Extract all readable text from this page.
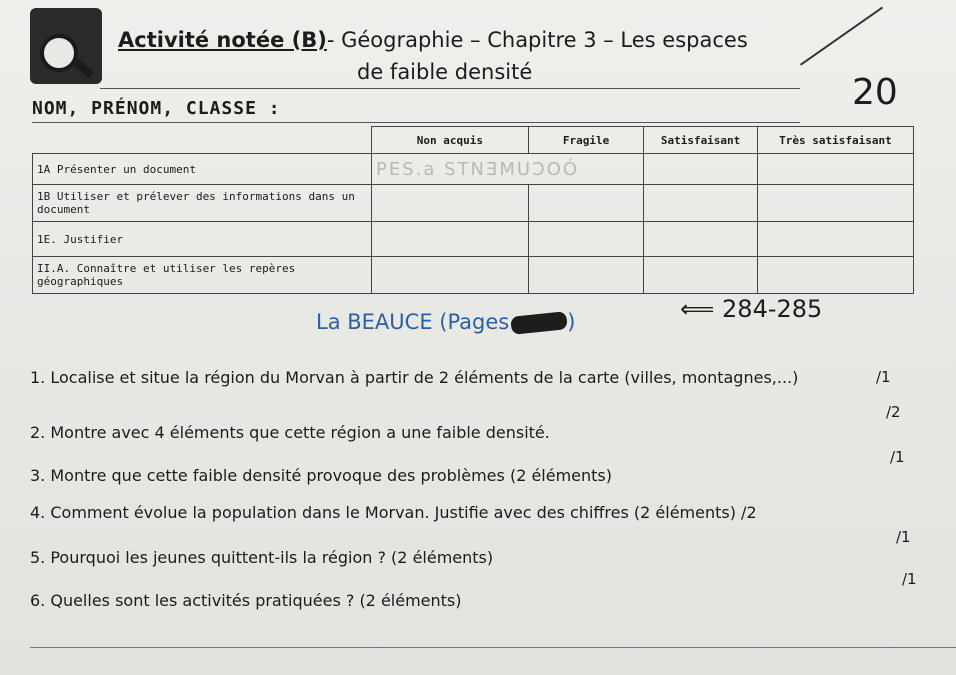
Activité notée (B)- Géographie – Chapitre 3 – Les espaces
de faible densité	20
NOM, PRÉNOM, CLASSE :
	Non acquis	Fragile	Satisfaisant	Très satisfaisant
1A Présenter un document	PES.a STNƎMUƆOÓ			
1B Utiliser et prélever des informations dans un document				
1E. Justifier				
II.A. Connaître et utiliser les repères géographiques				
La BEAUCE (Pages	)	⟸ 284-285
1. Localise et situe la région du Morvan à partir de 2 éléments de la carte (villes, montagnes,...)	/1
2. Montre avec 4 éléments que cette région a une faible densité.
/2
3. Montre que cette faible densité provoque des problèmes (2 éléments)
/1
4. Comment évolue la population dans le Morvan. Justifie avec des chiffres (2 éléments) /2
5. Pourquoi les jeunes quittent-ils la région ? (2 éléments)
/1
6. Quelles sont les activités pratiquées ? (2 éléments)
/1
